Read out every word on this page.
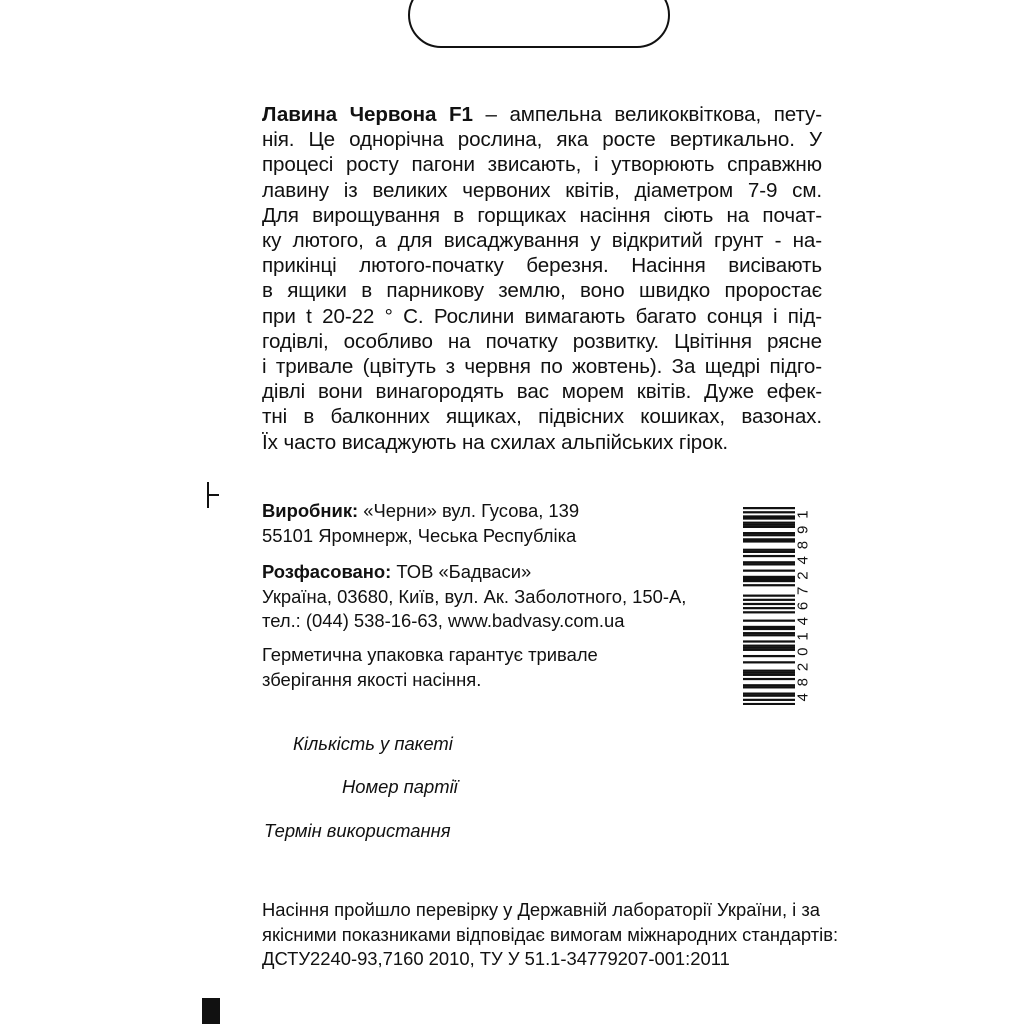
Лавина Червона F1 – ампельна великоквіткова, пету-
нія. Це однорічна рослина, яка росте вертикально. У
процесі росту пагони звисають, і утворюють справжню
лавину із великих червоних квітів, діаметром 7-9 см.
Для вирощування в горщиках насіння сіють на почат-
ку лютого, а для висаджування у відкритий грунт - на-
прикінці лютого-початку березня. Насіння висівають
в ящики в парникову землю, воно швидко проростає
при t 20-22 ° С. Рослини вимагають багато сонця і під-
годівлі, особливо на початку розвитку. Цвітіння рясне
і тривале (цвітуть з червня по жовтень). За щедрі підго-
дівлі вони винагородять вас морем квітів. Дуже ефек-
тні в балконних ящиках, підвісних кошиках, вазонах.
Їх часто висаджують на схилах альпійських гірок.
Виробник: «Черни» вул. Гусова, 139
55101 Яромнерж, Чеська Республіка
Розфасовано: ТОВ «Бадваси»
Україна, 03680, Київ, вул. Ак. Заболотного, 150-А,
тел.: (044) 538-16-63, www.badvasy.com.ua
Герметична упаковка гарантує тривале
зберігання якості насіння.
Кількість у пакеті
Номер партії
Термін використання
Насіння пройшло перевірку у Державній лабораторії України, і за
якісними показниками відповідає вимогам міжнародних стандартів:
ДСТУ2240-93,7160 2010, ТУ У 51.1-34779207-001:2011
4
8
2
0
1
4
6
7
2
4
8
9
1
